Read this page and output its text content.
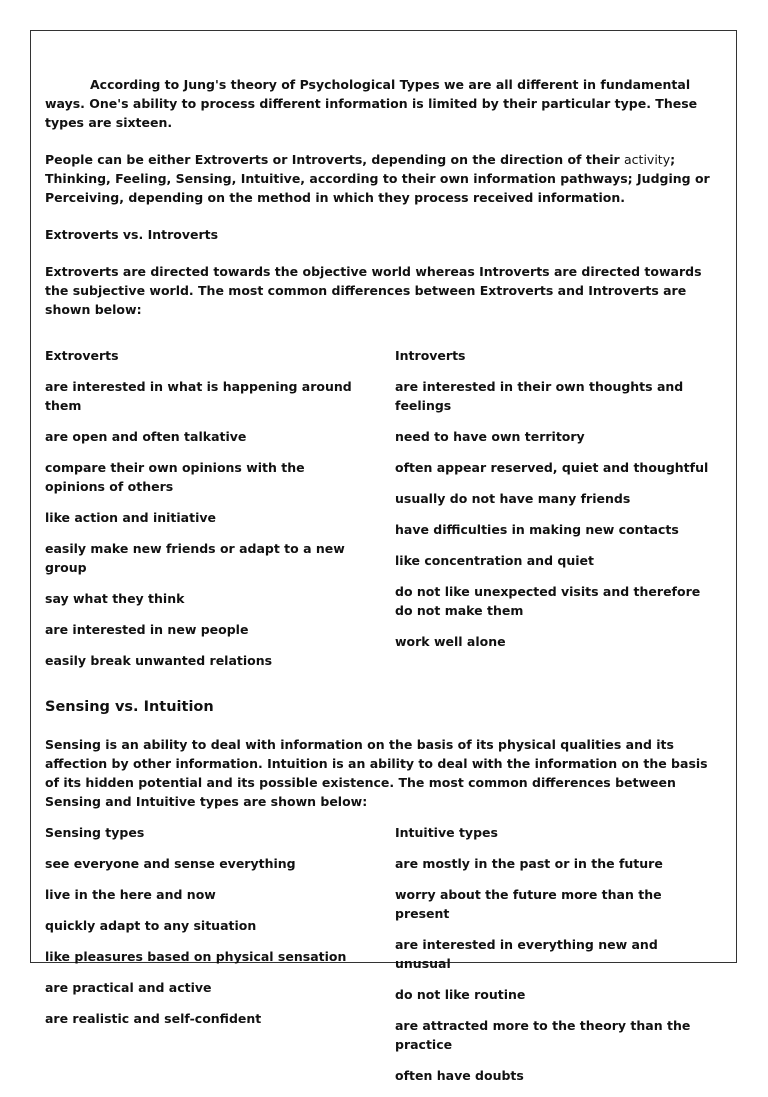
According to Jung's theory of Psychological Types we are all different in fundamental ways. One's ability to process different information is limited by their particular type. These types are sixteen.

People can be either Extroverts or Introverts, depending on the direction of their activity; Thinking, Feeling, Sensing, Intuitive, according to their own information pathways; Judging or Perceiving, depending on the method in which they process received information.

Extroverts vs. Introverts

Extroverts are directed towards the objective world whereas Introverts are directed towards the subjective world. The most common differences between Extroverts and Introverts are shown below:

Extroverts
are interested in what is happening around them
are open and often talkative
compare their own opinions with the opinions of others
like action and initiative
easily make new friends or adapt to a new group
say what they think
are interested in new people
easily break unwanted relations
Introverts
are interested in their own thoughts and feelings
need to have own territory
often appear reserved, quiet and thoughtful
usually do not have many friends
have difficulties in making new contacts
like concentration and quiet
do not like unexpected visits and therefore do not make them
work well alone
Sensing vs. Intuition

Sensing is an ability to deal with information on the basis of its physical qualities and its affection by other information. Intuition is an ability to deal with the information on the basis of its hidden potential and its possible existence. The most common differences between Sensing and Intuitive types are shown below:

Sensing types
see everyone and sense everything
live in the here and now
quickly adapt to any situation
like pleasures based on physical sensation
are practical and active
are realistic and self-confident
Intuitive types
are mostly in the past or in the future
worry about the future more than the present
are interested in everything new and unusual
do not like routine
are attracted more to the theory than the practice
often have doubts
